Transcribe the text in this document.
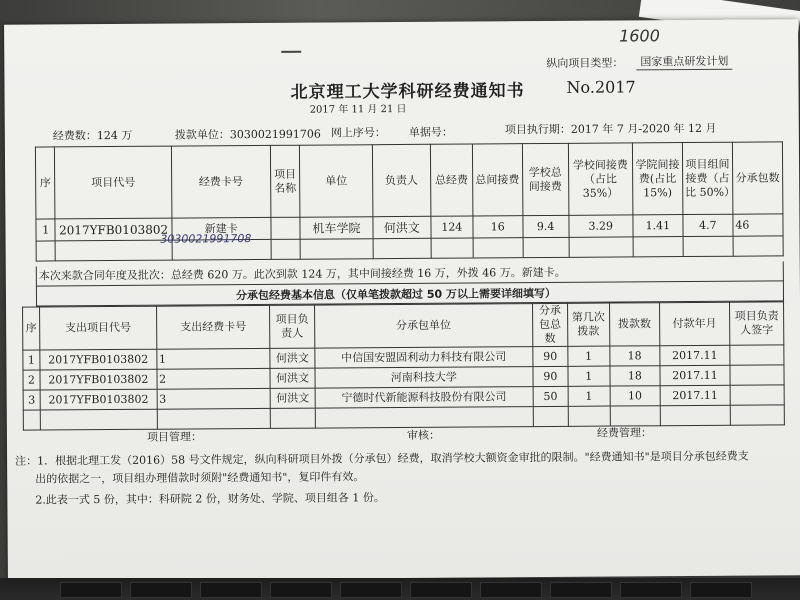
1600
纵向项目类型：	国家重点研发计划
北京理工大学科研经费通知书	No.2017
2017 年 11 月 21 日
经费数：124 万	拨款单位：3030021991706 网上序号： 单据号：	项目执行期：2017 年 7 月-2020 年 12 月
序	项目代号	经费卡号	项目名称	单位	负责人	总经费	总间接费	学校总间接费	学校间接费（占比 35%）	学院间接费(占比 15%)	项目组间接费（占比 50%）	分承包数
1	2017YFB0103802	新建卡		机车学院	何洪文	124	16	9.4	3.29	1.41	4.7	46

		3030021991708										

本次来款合同年度及批次：总经费 620 万。此次到款 124 万，其中间接经费 16 万，外拨 46 万。新建卡。
分承包经费基本信息（仅单笔拨款超过 50 万以上需要详细填写）
序	支出项目代号	支出经费卡号	项目负责人	分承包单位	分承包总数	第几次拨款	拨款数	付款年月	项目负责人签字
1	2017YFB0103802	1	何洪文	中信国安盟固利动力科技有限公司	90	1	18	2017.11	
2	2017YFB0103802	2	何洪文	河南科技大学	90	1	18	2017.11	
3	2017YFB0103802	3	何洪文	宁德时代新能源科技股份有限公司	50	1	10	2017.11	

项目管理：	审核：	经费管理：
注：1．根据北理工发（2016）58 号文件规定，纵向科研项目外拨（分承包）经费，取消学校大额资金审批的限制。"经费通知书"是项目分承包经费支
出的依据之一，项目组办理借款时须附"经费通知书"，复印件有效。
2.此表一式 5 份，其中：科研院 2 份，财务处、学院、项目组各 1 份。
